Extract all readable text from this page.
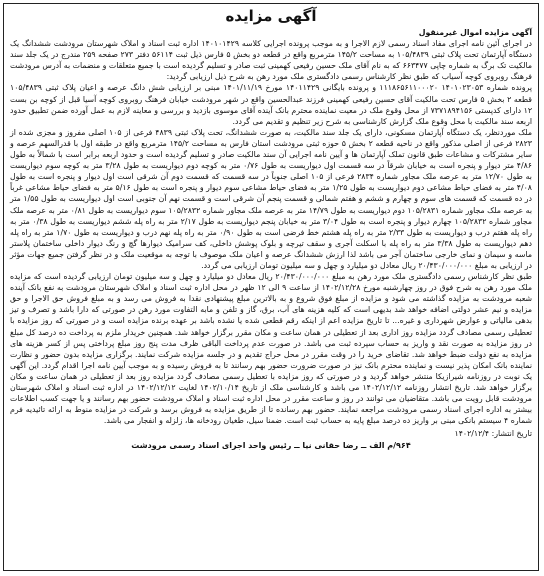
آگهی مزایده
آگهی مزایده اموال غیرمنقول

در اجرای آئین نامه اجرای مفاد اسناد رسمی لازم الاجرا و به موجب پرونده اجرایی کلاسه ۱۴۰۱۰۱۴۲۹ اداره ثبت اسناد و املاک شهرستان مرودشت ششدانگ یک دستگاه آپارتمان تحت پلاک ثبتی ۱۰۵/۴۸۳۹ به مساحت ۱۴۵/۲ مترمربع واقع در قطعه دو بخش ۵ فارس ذیل ثبت ۵۶۱۱۴ دفتر ۲۷۳ صفحه ۲۵۹ مندرج در یک جلد سند مالکیت تک برگ به شماره چاپی ۶۶۳۴۷۷ که به نام آقای ملک حسین رفیعی کهمینی ثبت صادر و تسلیم گردیده است با جمیع متعلقات و منضمات به آدرس مرودشت فرهنگ روبروی کوچه آسیاب که طبق نظر کارشناس رسمی دادگستری ملک مورد رهن به شرح ذیل ارزیابی گردید:

پرونده شماره ۱۴۰۱۰۲۳۰۵۳ ۱۱۱۸۶۵۶۱۱۰۰۰۲۰ و پرونده بایگانی ۱۴۰۱۱۴۲۹ مورخ ۱۴۰۱/۱۱/۱۹ مبنی بر ارزیابی شش دانگ عرصه و اعیان پلاک ثبتی ۱۰۵/۴۸۳۹ قطعه ۲ بخش ۵ فارس تحت مالکیت آقای حسین رفیعی کهمینی فرزند عبدالحسین واقع در شهر مرودشت خیابان فرهنگ روبروی کوچه آسیا قبل از کوچه بن بست ۱۲ دارای کدپستی ۷۳۷۱۸۹۴۱۵۶ از محل وقوع ملک در معیت نماینده محترم بانک آینده آقای موسوی بازدید و بررسی و معاینه لازم به عمل آورده ضمن تطبیق حدود اربعه سند مالکیت با محل وقوع ملک گزارش کارشناسی به شرح زیر تنظیم و تقدیم می گردد.

ملک موردنظر، یک دستگاه آپارتمان مسکونی، دارای یک جلد سند مالکیت، به صورت ششدانگ، تحت پلاک ثبتی ۴۸۳۹ فرعی از ۱۰۵ اصلی مفروز و مجزی شده از ۲۸۲۳ فرعی از اصلی مذکور واقع در ناحیه قطعه ۲ بخش ۵ حوزه ثبتی مرودشت استان فارس به مساحت ۱۴۵/۲ مترمربع واقع در طبقه اول با قدرالسهم عرصه و سایر مشترکات و مشاعات طبق قانون تملک آپارتمان ها و آیین نامه اجرایی آن سند مالکیت صادر و تسلیم گردیده است و حدود اربعه برابر است با شمالاً به طول ۴/۸۶ متر دیوار و پنجره است به خیابان شرقاً در سه قسمت اول دیواریست به طول ۰/۷۶ متر به کوچه دوم دیواریست به طول ۳/۲۸ متر به کوچه سوم دیواریست به طول ۱۲/۷۰ متر به عرصه ملک مجاور شماره ۲۸۳۴ فرعی از ۱۰۵ اصلی جنوباً در سه قسمت که قسمت دوم آن شرقی است اول دیوار و پنجره است به طول ۴/۰۸ متر به فضای حیاط مشاعی دوم دیواریست به طول ۱/۲۵ متر به فضای حیاط مشاعی سوم دیوار و پنجره است به طول ۵/۱۶ متر به فضای حیاط مشاعی غرباً در ده قسمت که قسمت های سوم و چهارم و ششم و هفتم شمالی و قسمت پنجم آن شرقی است و قسمت نهم آن جنوبی است اول دیواریست به طول ۱/۵۵ متر به عرصه ملک مجاور شماره ۱۰۵/۲۸۳۱ دوم دیواریست به طول ۱۴/۷۹ متر به عرصه ملک مجاور شماره ۱۰۵/۲۸۳۲ سوم دیواریست به طول ۰/۸۱ متر به عرصه ملک مجاور شماره ۱۰۵/۲۸۳۲ چهارم دیوار و پنجره است به طول ۳/۰۴ متر به خیابان پنجم دیواریست به طول ۲/۱۷ متر به راه پله ششم دیواریست به طول ۰/۳۸ متر به راه پله هفتم درب و دیواریست به طول ۲/۳۳ متر به راه پله هشتم خط فرضی است به طول ۰/۹۰ متر به راه پله نهم درب و دیواریست به طول ۱/۷۰ متر به راه پله دهم دیواریست به طول ۳/۳۸ متر به راه پله با اسکلت آجری و سقف تیرچه و بلوک پوشش داخلی، کف سرامیک دیوارها گچ و رنگ دیوار داخلی ساختمان پلاستر ماسه و سیمان و نمای خارجی ساختمان آجر می باشد لذا ارزش ششدانگ عرصه و اعیان ملک موصوف با توجه به موقعیت ملک و در نظر گرفتن جمیع جهات مؤثر در ارزیابی به مبلغ ۲۰/۴۳۰/۰۰۰/۰۰۰ ریال معادل دو میلیارد و چهل و سه میلیون تومان ارزیابی می گردد.

طبق نظر کارشناس رسمی دادگستری ملک مورد رهن به مبلغ ۲۰/۴۳۰/۰۰۰/۰۰۰ ریال معادل دو میلیارد و چهل و سه میلیون تومان ارزیابی گردیده است که مزایده ملک مورد رهن به شرح فوق در روز چهارشنبه مورخ ۱۴۰۲/۱۲/۲۸ از ساعت ۹ الی ۱۲ ظهر در محل اداره ثبت اسناد و املاک شهرستان مرودشت به نفع بانک آینده شعبه مرودشت به مزایده گذاشته می شود و مزایده از مبلغ فوق شروع و به بالاترین مبلغ پیشنهادی نقدا به فروش می رسد و به مبلغ فروش حق الاجرا و حق مزایده و نیم عشر دولتی اضافه خواهد شد بدیهی است که کلیه هزینه های آب، برق، گاز و تلفن و مابه التفاوت مورد رهن در صورتی که دارا باشد و تصرف و تیز بدهی مالیاتی و عوارض شهرداری و غیره... تا تاریخ مزایده اعم از اینکه رقم قطعی شده یا نشده باشد بر عهده برنده مزایده است و در صورتی که روز مزایده با تعطیلی رسمی مصادف گردد مزایده روز اداری بعد از تعطیلی در همان ساعت و مکان مقرر برگزار خواهد شد. همچنین خریدار ملزم به پرداخت ده درصد کل مبلغ در روز مزایده به صورت نقد و واریز به حساب سپرده ثبت می باشد. در صورت عدم پرداخت الباقی ظرف مدت پنج روز مبلغ پرداختی پس از کسر هزینه های مزایده به نفع دولت ضبط خواهد شد. تقاضای خرید را در وقت مقرر در محل حراج تقدیم و در جلسه مزایده شرکت نمایند. برگزاری مزایده بدون حضور و نظارت نماینده بانک امکان پذیر نیست و نماینده محترم بانک نیز در صورت ضرورت حضور بهم رسانند تا به فروش رسیده و به موجب آیین نامه اجرا اقدام گردد. این آگهی یک نوبت در روزنامه شیرازیکا منتشر خواهد گردید و در صورتی که روز مزایده با تعطیل رسمی مصادف گردد مزایده روز بعد از تعطیلی در همان ساعت و مکان برگزار خواهد شد. تاریخ انتشار روزنامه ۱۴۰۲/۱۲/۱۲ می باشد و کارشناسی ملک از تاریخ ۱۴۰۲/۱۰/۱۴ لغایت ۱۴۰۲/۱۲/۱۲ در اداره ثبت اسناد و املاک شهرستان مرودشت قابل رویت می باشد. متقاضیان می توانند در روز و ساعت مقرر در محل اداره ثبت اسناد و املاک مرودشت حضور بهم رسانند و یا جهت کسب اطلاعات بیشتر به اداره اجرای اسناد رسمی مرودشت مراجعه نمایند. حضور بهم رسانده تا از طریق مزایده به فروش برسد و شرکت در مزایده منوط به ارائه تائیدیه فرم شماره ۴ سیستم بانکی مبنی بر واریز ده درصد مبلغ پایه به حساب ثبت است. ضمنا سیل، طغیان رودخانه ها، زلزله و انفجار می باشد.

تاریخ انتشار: ۱۴۰۲/۱۲/۴
۹۶۴/م الف ــ رضا حقانی نیا ــ رئیس واحد اجرای اسناد رسمی مرودشت
